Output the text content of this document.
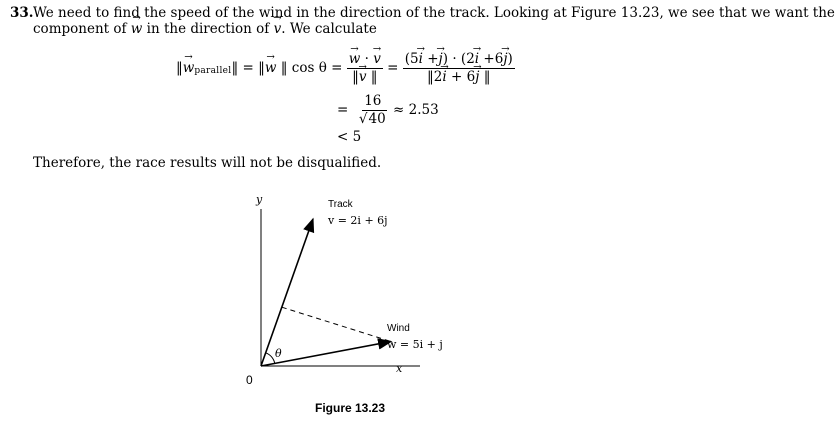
33. We need to find the speed of the wind in the direction of the track. Looking at Figure 13.23, we see that we want the
component of → w in the direction of → v. We calculate
‖ → w parallel ‖
=
‖ → w
‖
cos θ
=
→ $\frac{w \cdot \to v}{‖\to v ‖}$
=
$\frac{(5\to i +\to j) \cdot (2\to i +6\to j)}{‖2\to i + 6\to j ‖}$
=
$\frac{16}{√40}$
≈ 2.53
< 5
Therefore, the race results will not be disqualified.
y
x
0
θ
Track
v = 2i + 6j
Wind
w = 5i + j
Figure 13.23
